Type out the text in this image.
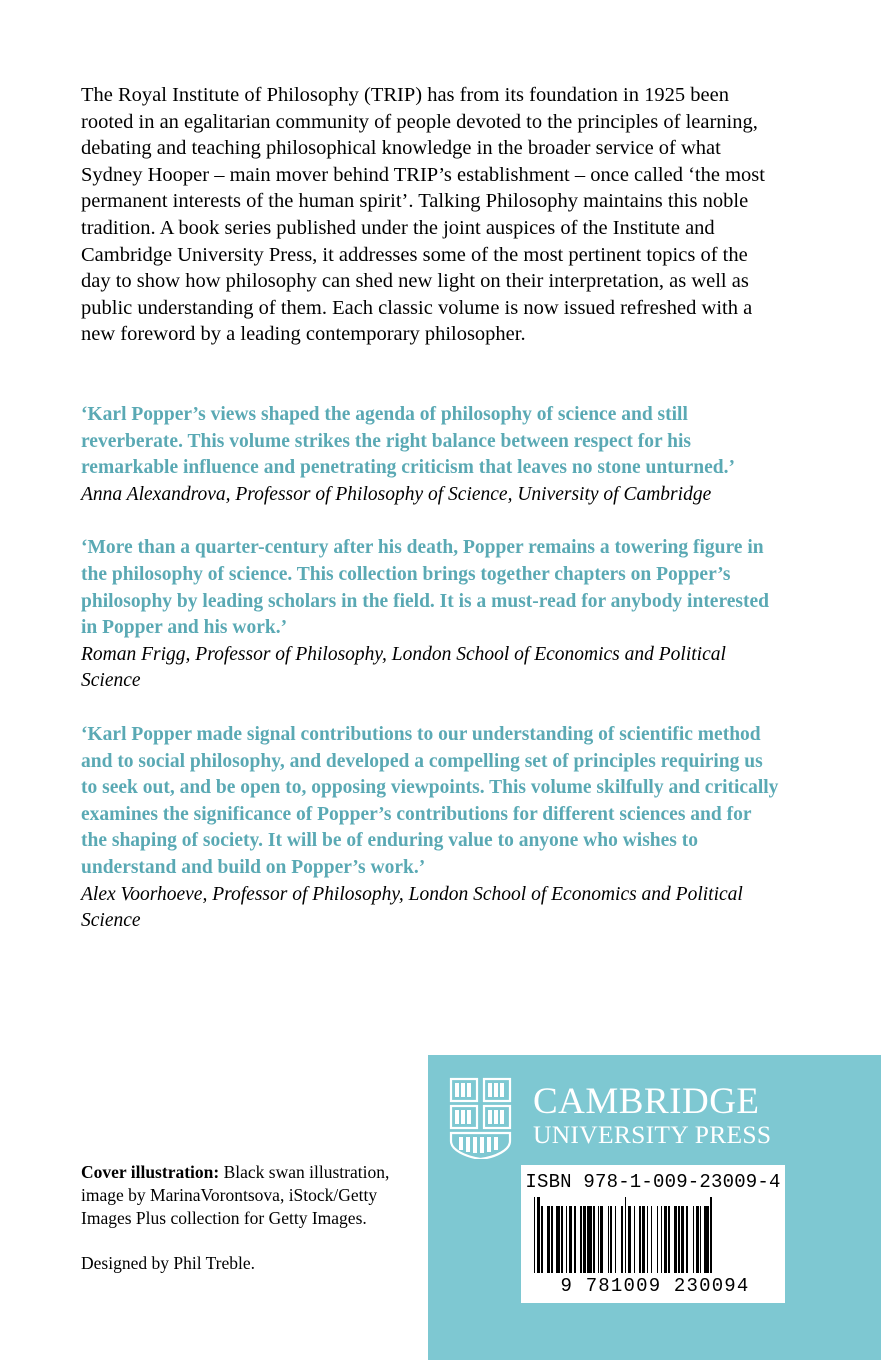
The Royal Institute of Philosophy (TRIP) has from its foundation in 1925 been rooted in an egalitarian community of people devoted to the principles of learning, debating and teaching philosophical knowledge in the broader service of what Sydney Hooper – main mover behind TRIP’s establishment – once called ‘the most permanent interests of the human spirit’. Talking Philosophy maintains this noble tradition. A book series published under the joint auspices of the Institute and Cambridge University Press, it addresses some of the most pertinent topics of the day to show how philosophy can shed new light on their interpretation, as well as public understanding of them. Each classic volume is now issued refreshed with a new foreword by a leading contemporary philosopher.
‘Karl Popper’s views shaped the agenda of philosophy of science and still reverberate. This volume strikes the right balance between respect for his remarkable influence and penetrating criticism that leaves no stone unturned.’
Anna Alexandrova, Professor of Philosophy of Science, University of Cambridge
‘More than a quarter-century after his death, Popper remains a towering figure in the philosophy of science. This collection brings together chapters on Popper’s philosophy by leading scholars in the field. It is a must-read for anybody interested in Popper and his work.’
Roman Frigg, Professor of Philosophy, London School of Economics and Political Science
‘Karl Popper made signal contributions to our understanding of scientific method and to social philosophy, and developed a compelling set of principles requiring us to seek out, and be open to, opposing viewpoints. This volume skilfully and critically examines the significance of Popper’s contributions for different sciences and for the shaping of society. It will be of enduring value to anyone who wishes to understand and build on Popper’s work.’
Alex Voorhoeve, Professor of Philosophy, London School of Economics and Political Science
CAMBRIDGE
UNIVERSITY PRESS
ISBN 978-1-009-23009-4
9 781009 230094
Cover illustration: Black swan illustration, image by MarinaVorontsova, iStock/Getty Images Plus collection for Getty Images.
Designed by Phil Treble.
